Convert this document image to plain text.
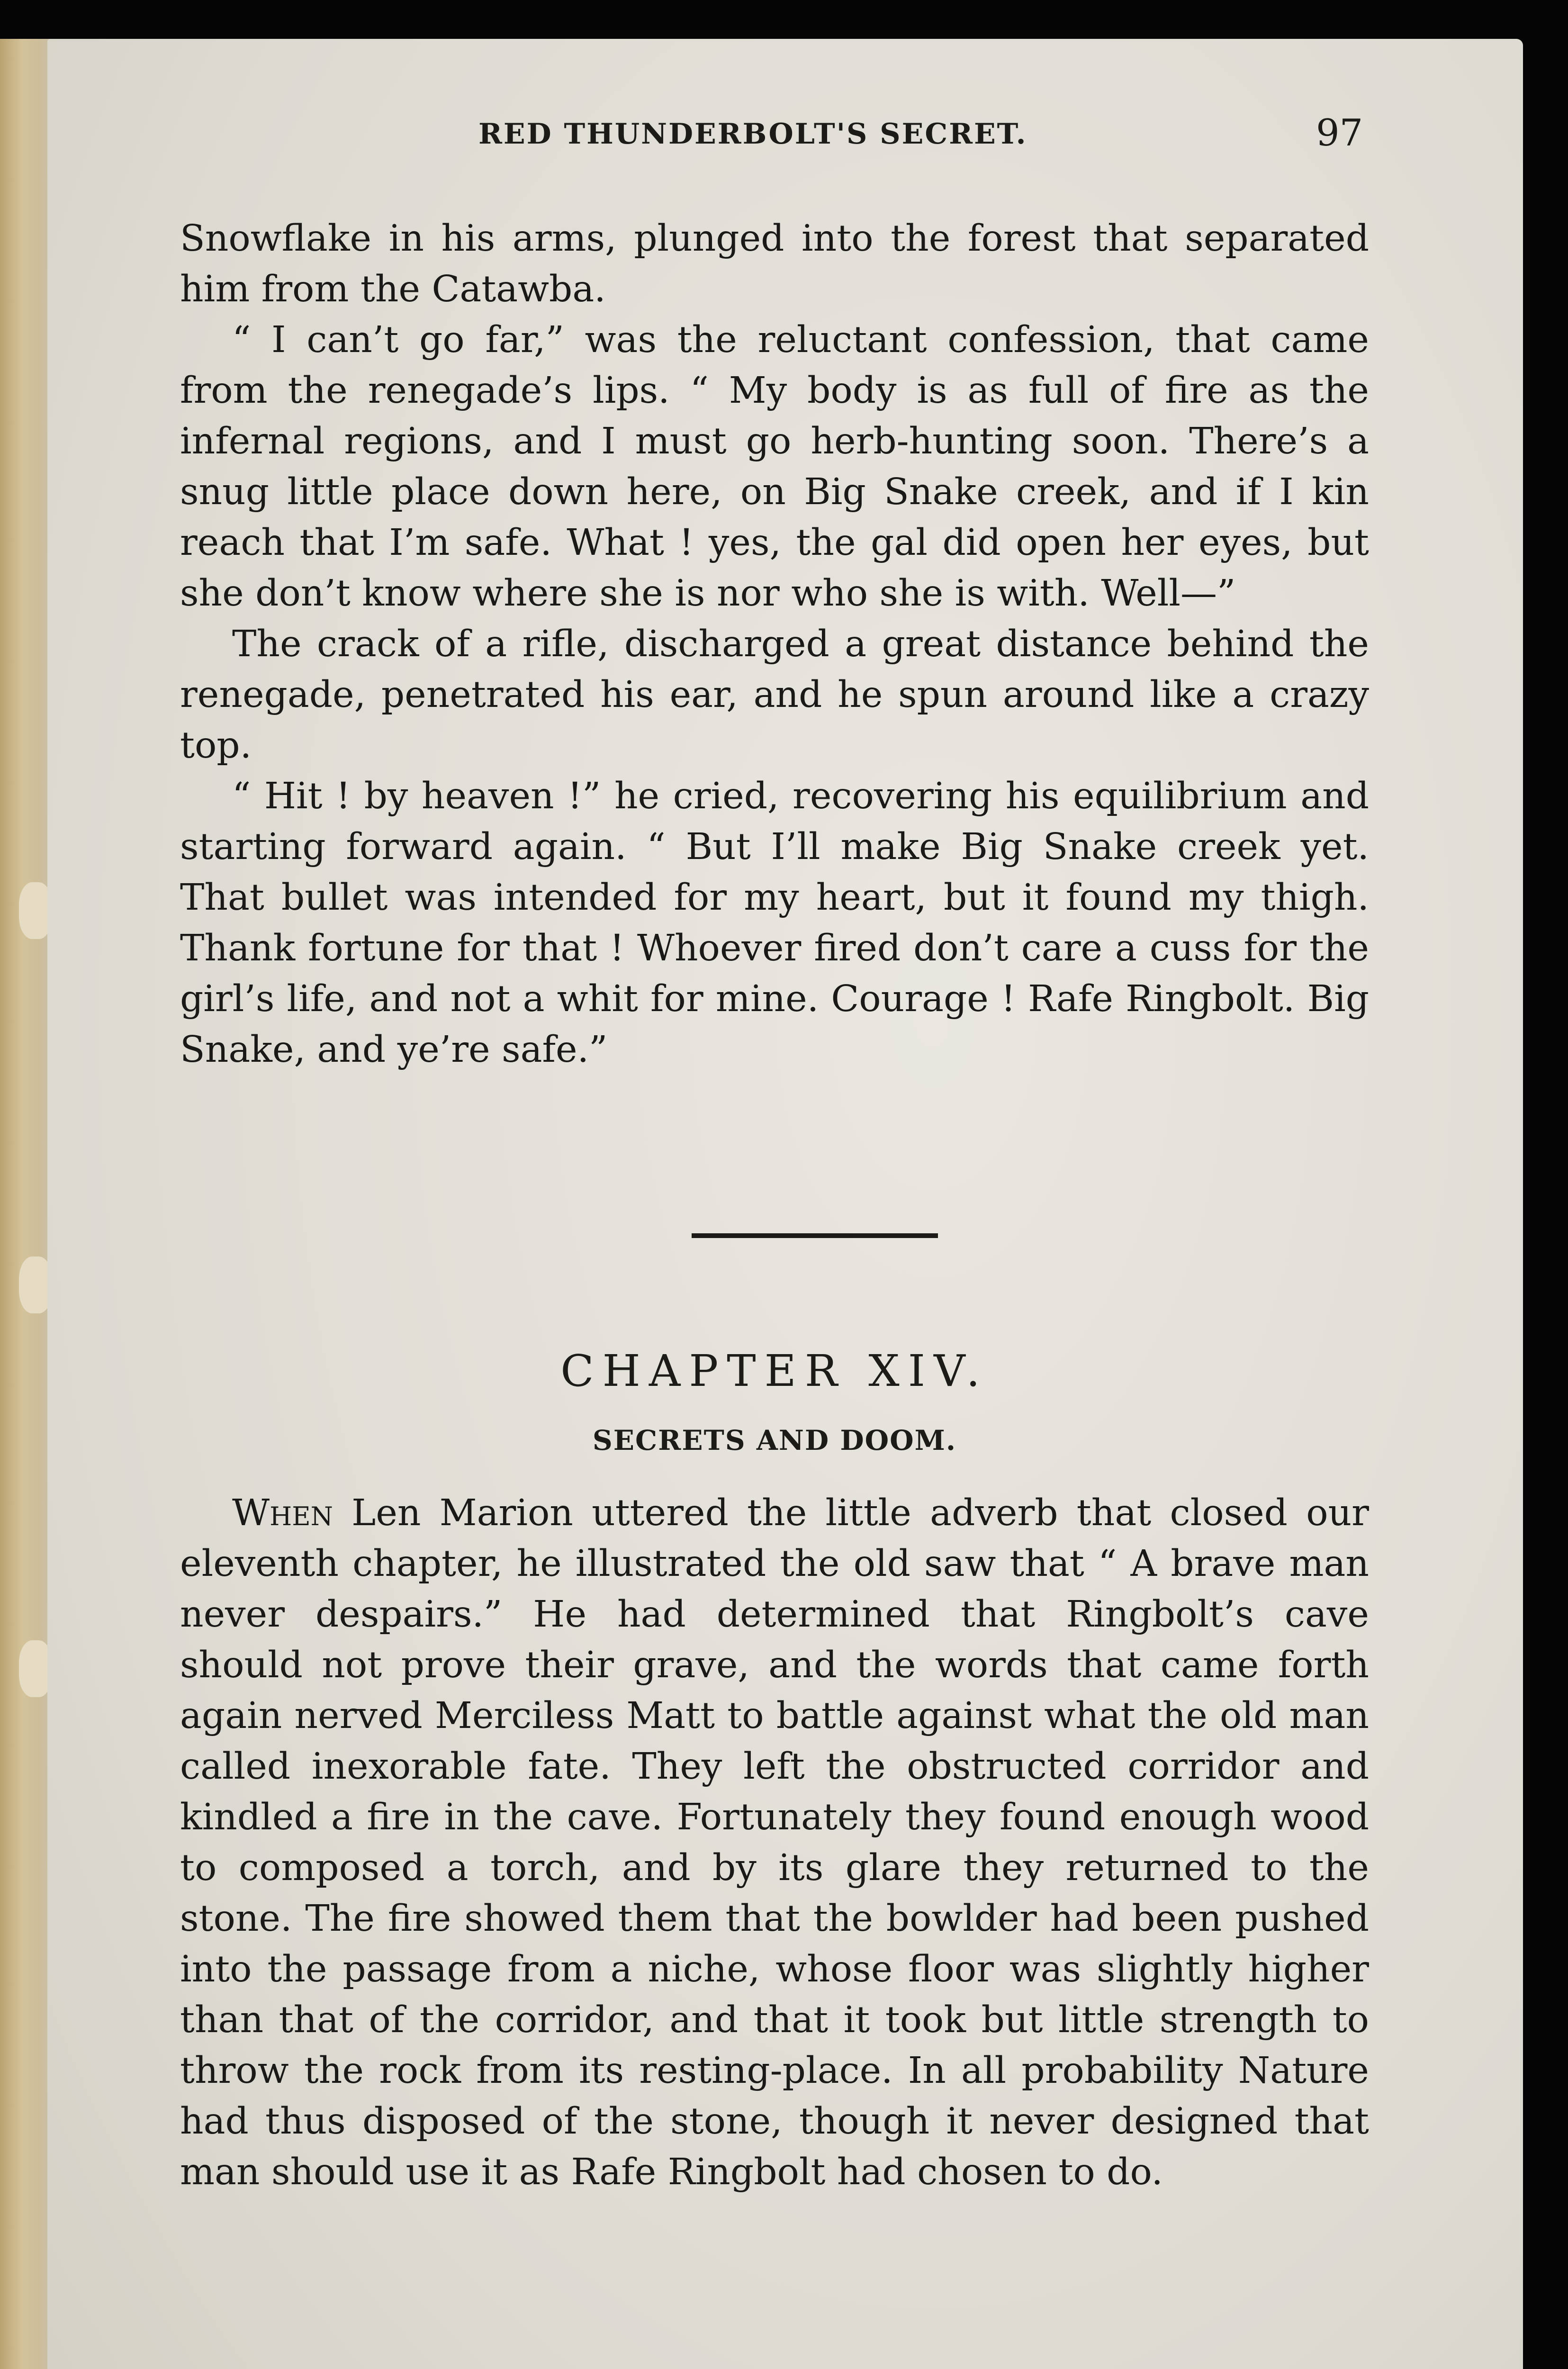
RED THUNDERBOLT'S SECRET.	97

Snowflake in his arms, plunged into the forest that separated him from the Catawba.

“ I can’t go far,” was the reluctant confession, that came from the renegade’s lips. “ My body is as full of fire as the infernal regions, and I must go herb-hunting soon. There’s a snug little place down here, on Big Snake creek, and if I kin reach that I’m safe. What ! yes, the gal did open her eyes, but she don’t know where she is nor who she is with. Well—”

The crack of a rifle, discharged a great distance behind the renegade, penetrated his ear, and he spun around like a crazy top.

“ Hit ! by heaven !” he cried, recovering his equilibrium and starting forward again. “ But I’ll make Big Snake creek yet. That bullet was intended for my heart, but it found my thigh. Thank fortune for that ! Whoever fired don’t care a cuss for the girl’s life, and not a whit for mine. Courage ! Rafe Ringbolt. Big Snake, and ye’re safe.”

CHAPTER XIV.
SECRETS AND DOOM.

When Len Marion uttered the little adverb that closed our eleventh chapter, he illustrated the old saw that “ A brave man never despairs.” He had determined that Ringbolt’s cave should not prove their grave, and the words that came forth again nerved Merciless Matt to battle against what the old man called inexorable fate. They left the obstructed corridor and kindled a fire in the cave. Fortunately they found enough wood to composed a torch, and by its glare they returned to the stone. The fire showed them that the bowlder had been pushed into the passage from a niche, whose floor was slightly higher than that of the corridor, and that it took but little strength to throw the rock from its resting-place. In all probability Nature had thus disposed of the stone, though it never designed that man should use it as Rafe Ringbolt had chosen to do.
